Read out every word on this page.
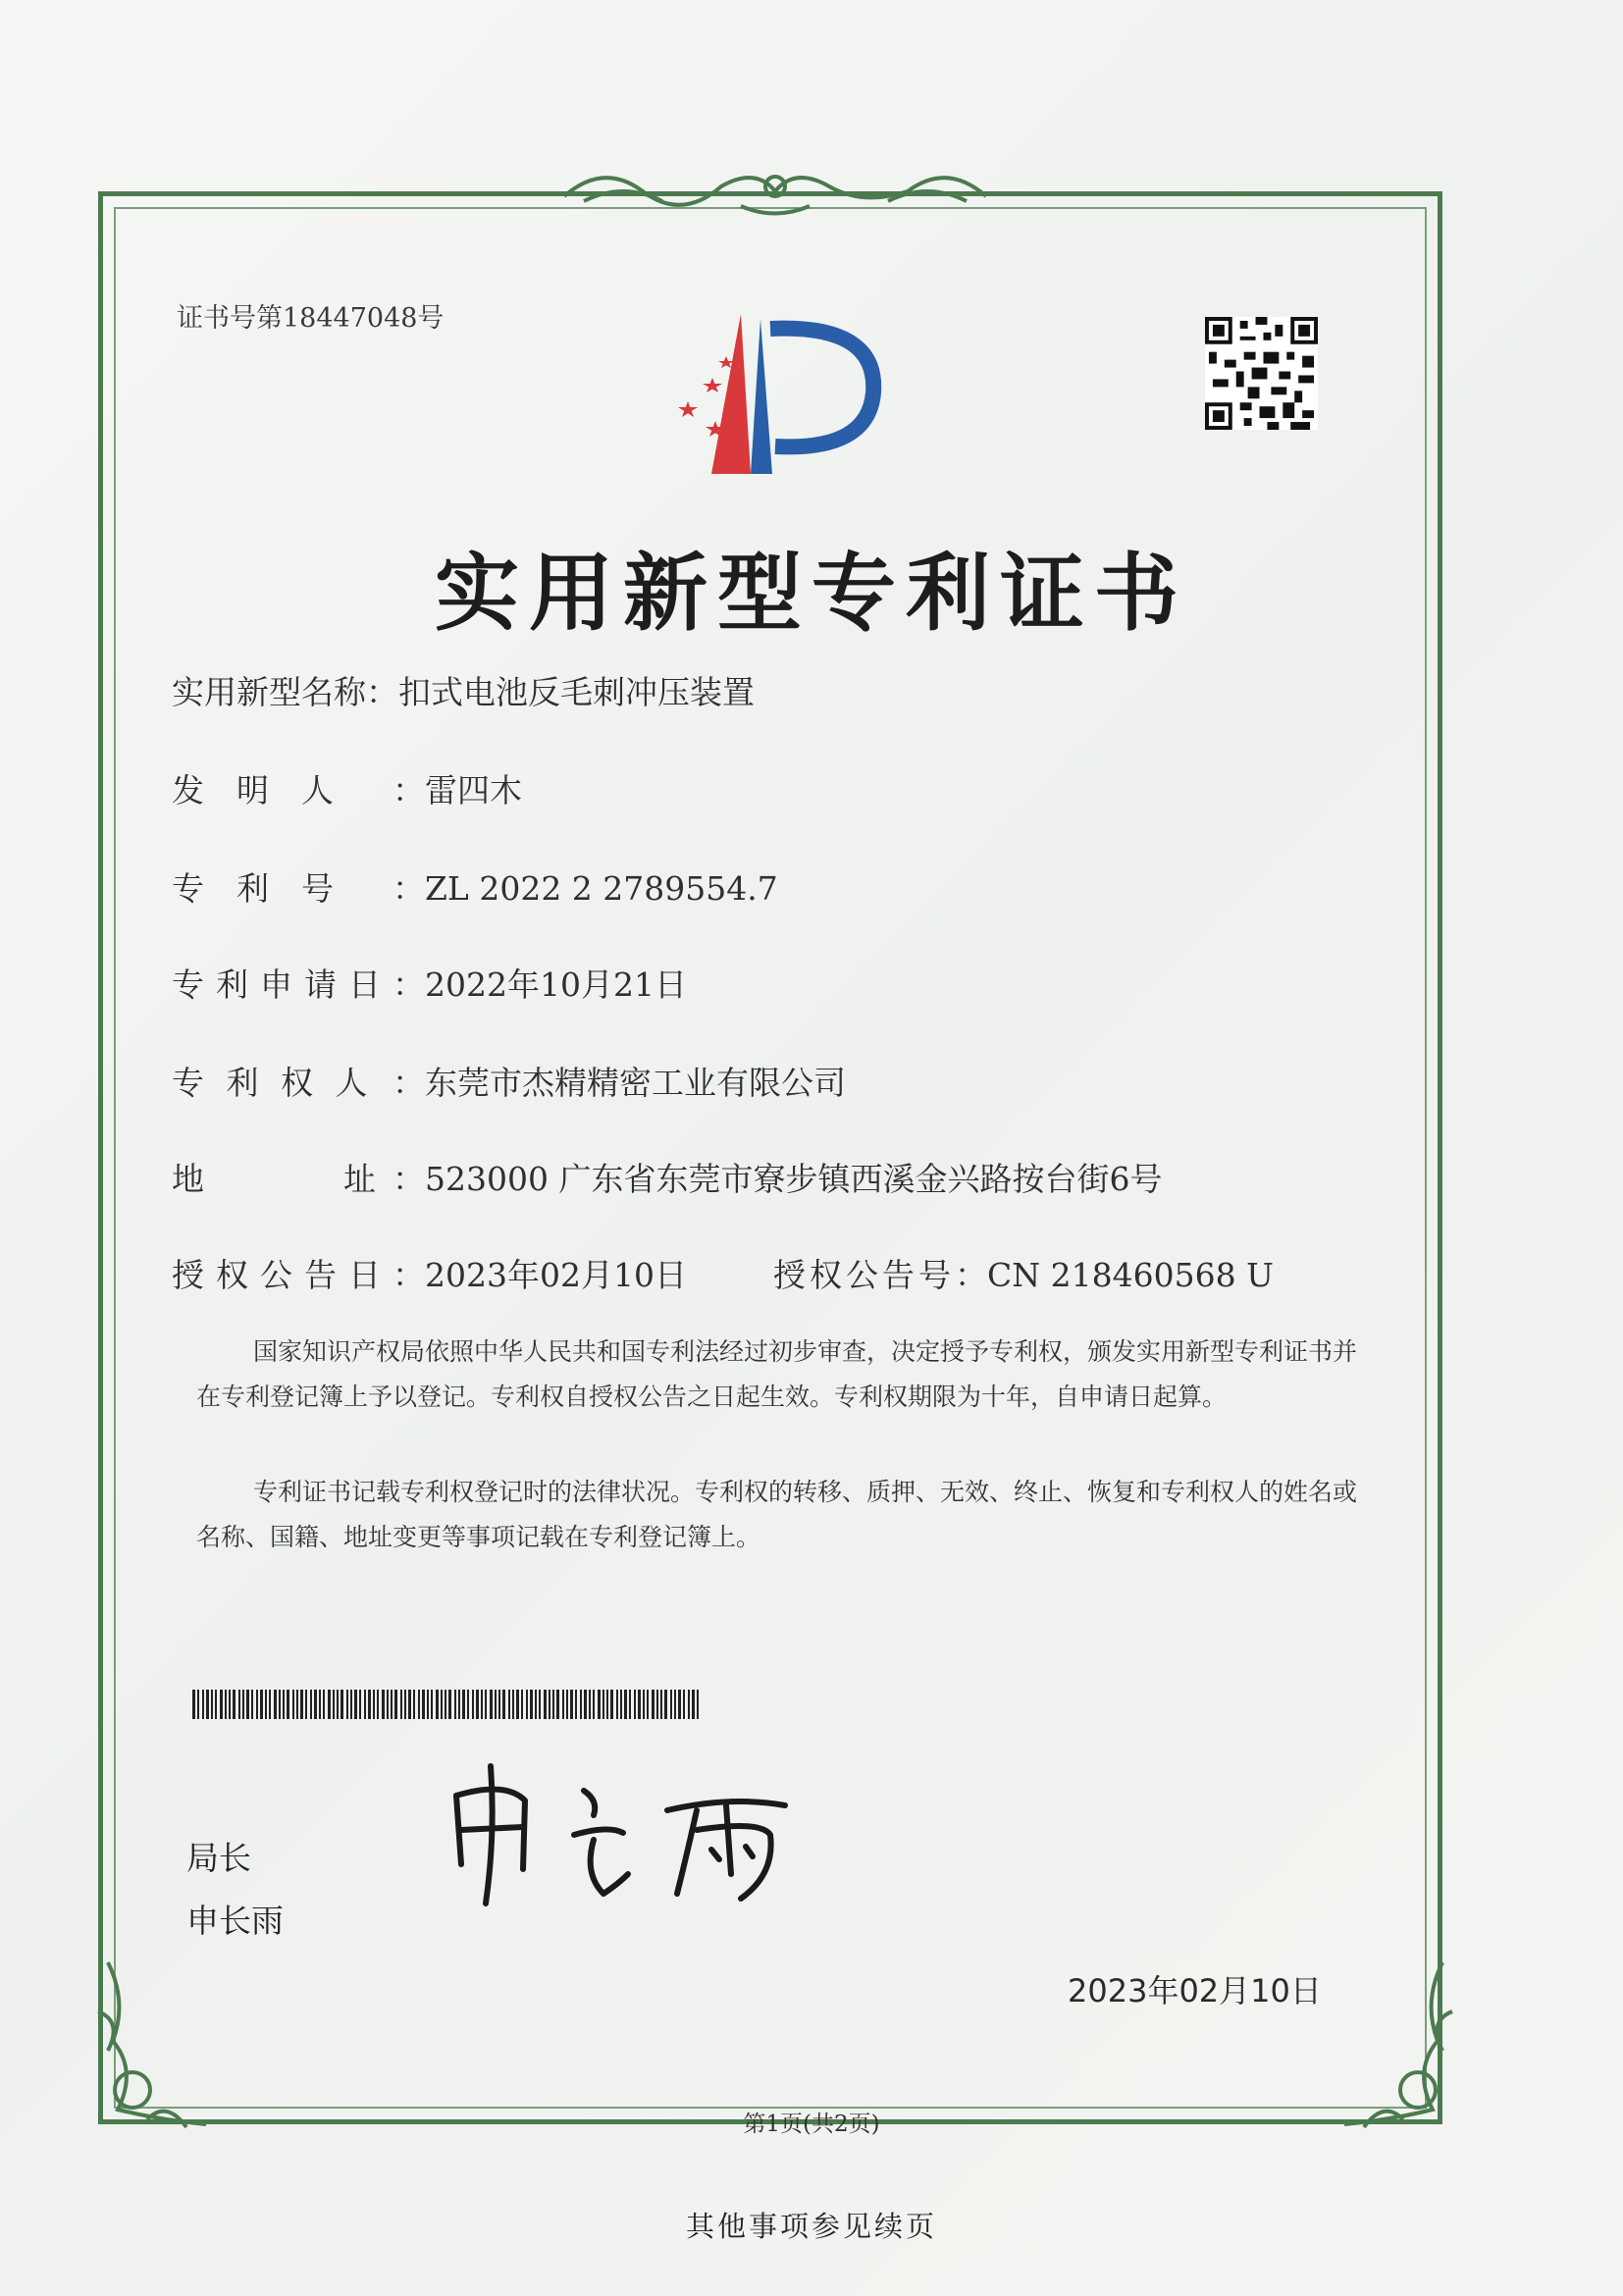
证书号第18447048号
实用新型专利证书
实用新型名称：扣式电池反毛刺冲压装置
发　明　人 ：雷四木
专　利　号 ：ZL 2022 2 2789554.7
专利申请日：2022年10月21日
专 利 权 人 ：东莞市杰精精密工业有限公司
地	址 ：523000 广东省东莞市寮步镇西溪金兴路按台街6号
授权公告日：2023年02月10日	授权公告号：CN 218460568 U
国家知识产权局依照中华人民共和国专利法经过初步审查，决定授予专利权，颁发实用新型专利证书并在专利登记簿上予以登记。专利权自授权公告之日起生效。专利权期限为十年，自申请日起算。
专利证书记载专利权登记时的法律状况。专利权的转移、质押、无效、终止、恢复和专利权人的姓名或名称、国籍、地址变更等事项记载在专利登记簿上。
局长
申长雨
2023年02月10日
第1页(共2页)
其他事项参见续页
